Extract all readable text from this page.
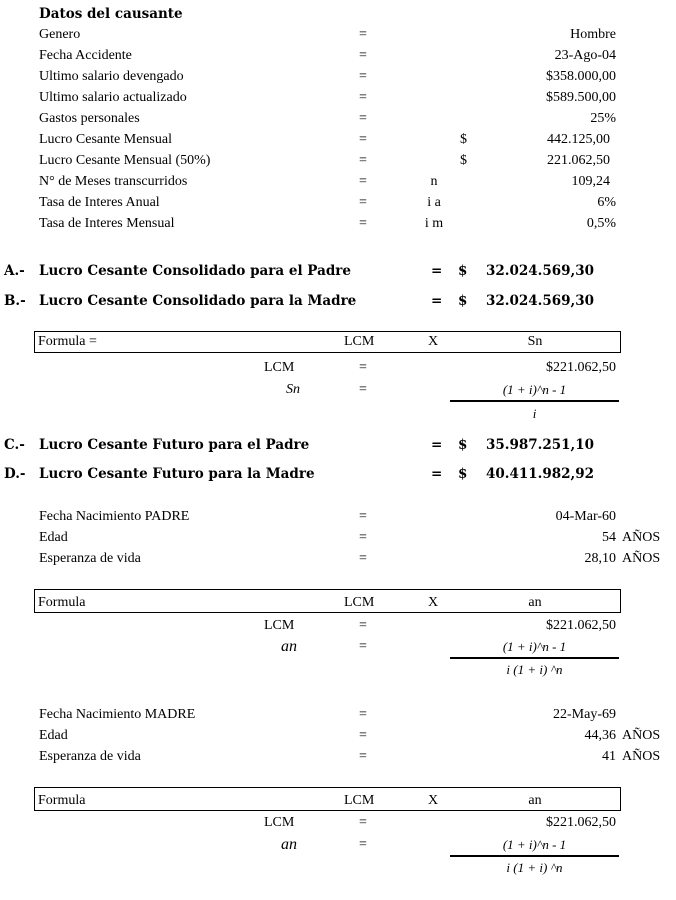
Datos del causante
Genero	=	Hombre
Fecha Accidente	=	23-Ago-04
Ultimo salario devengado	=	$358.000,00
Ultimo salario actualizado	=	$589.500,00
Gastos personales	=	25%
Lucro Cesante Mensual	=	$	442.125,00
Lucro Cesante Mensual (50%)	=	$	221.062,50
N° de Meses transcurridos	=	n	109,24
Tasa de Interes Anual	=	i a	6%
Tasa de Interes Mensual	=	i m	0,5%
A.- Lucro Cesante Consolidado para el Padre	= $ 32.024.569,30
B.- Lucro Cesante Consolidado para la Madre	= $ 32.024.569,30
Formula =	LCM	X	Sn
LCM	=	$221.062,50
Sn	=	(1 + i)^n - 1
i
C.- Lucro Cesante Futuro para el Padre	= $ 35.987.251,10
D.- Lucro Cesante Futuro para la Madre	= $ 40.411.982,92
Fecha Nacimiento PADRE	=	04-Mar-60
Edad	=	54 AÑOS
Esperanza de vida	=	28,10 AÑOS
Formula	LCM	X	an
LCM	=	$221.062,50
an	=	(1 + i)^n - 1
i (1 + i) ^n
Fecha Nacimiento MADRE	=	22-May-69
Edad	=	44,36 AÑOS
Esperanza de vida	=	41 AÑOS
Formula	LCM	X	an
LCM	=	$221.062,50
an	=	(1 + i)^n - 1
i (1 + i) ^n
